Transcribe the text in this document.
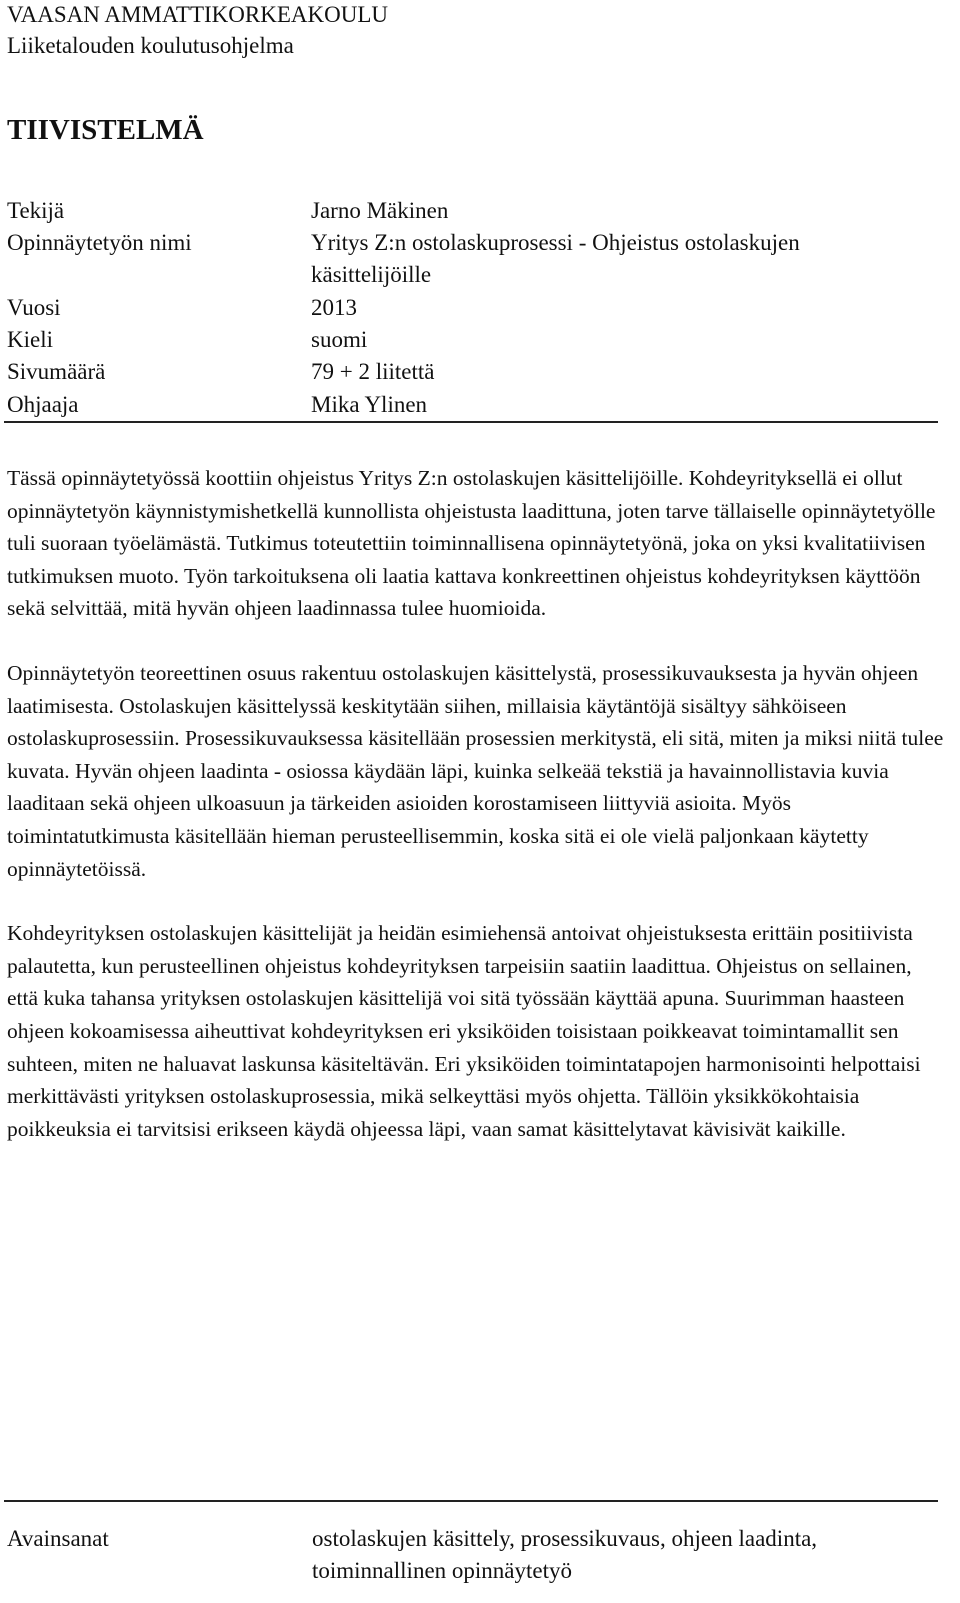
VAASAN AMMATTIKORKEAKOULU
Liiketalouden koulutusohjelma
TIIVISTELMÄ
Tekijä	Jarno Mäkinen
Opinnäytetyön nimi	Yritys Z:n ostolaskuprosessi - Ohjeistus ostolaskujen
käsittelijöille
Vuosi	2013
Kieli	suomi
Sivumäärä	79 + 2 liitettä
Ohjaaja	Mika Ylinen

Tässä opinnäytetyössä koottiin ohjeistus Yritys Z:n ostolaskujen käsittelijöille. Kohdeyrityksellä ei ollut opinnäytetyön käynnistymishetkellä kunnollista ohjeistusta laadittuna, joten tarve tällaiselle opinnäytetyölle tuli suoraan työelämästä. Tutkimus toteutettiin toiminnallisena opinnäytetyönä, joka on yksi kvalitatiivisen tutkimuksen muoto. Työn tarkoituksena oli laatia kattava konkreettinen ohjeistus kohdeyrityksen käyttöön sekä selvittää, mitä hyvän ohjeen laadinnassa tulee huomioida.

Opinnäytetyön teoreettinen osuus rakentuu ostolaskujen käsittelystä, prosessikuvauksesta ja hyvän ohjeen laatimisesta. Ostolaskujen käsittelyssä keskitytään siihen, millaisia käytäntöjä sisältyy sähköiseen ostolaskuprosessiin. Prosessikuvauksessa käsitellään prosessien merkitystä, eli sitä, miten ja miksi niitä tulee kuvata. Hyvän ohjeen laadinta - osiossa käydään läpi, kuinka selkeää tekstiä ja havainnollistavia kuvia laaditaan sekä ohjeen ulkoasuun ja tärkeiden asioiden korostamiseen liittyviä asioita. Myös toimintatutkimusta käsitellään hieman perusteellisemmin, koska sitä ei ole vielä paljonkaan käytetty opinnäytetöissä.

Kohdeyrityksen ostolaskujen käsittelijät ja heidän esimiehensä antoivat ohjeistuksesta erittäin positiivista palautetta, kun perusteellinen ohjeistus kohdeyrityksen tarpeisiin saatiin laadittua. Ohjeistus on sellainen, että kuka tahansa yrityksen ostolaskujen käsittelijä voi sitä työssään käyttää apuna. Suurimman haasteen ohjeen kokoamisessa aiheuttivat kohdeyrityksen eri yksiköiden toisistaan poikkeavat toimintamallit sen suhteen, miten ne haluavat laskunsa käsiteltävän. Eri yksiköiden toimintatapojen harmonisointi helpottaisi merkittävästi yrityksen ostolaskuprosessia, mikä selkeyttäsi myös ohjetta. Tällöin yksikkökohtaisia poikkeuksia ei tarvitsisi erikseen käydä ohjeessa läpi, vaan samat käsittelytavat kävisivät kaikille.

Avainsanat	ostolaskujen käsittely, prosessikuvaus, ohjeen laadinta, toiminnallinen opinnäytetyö
